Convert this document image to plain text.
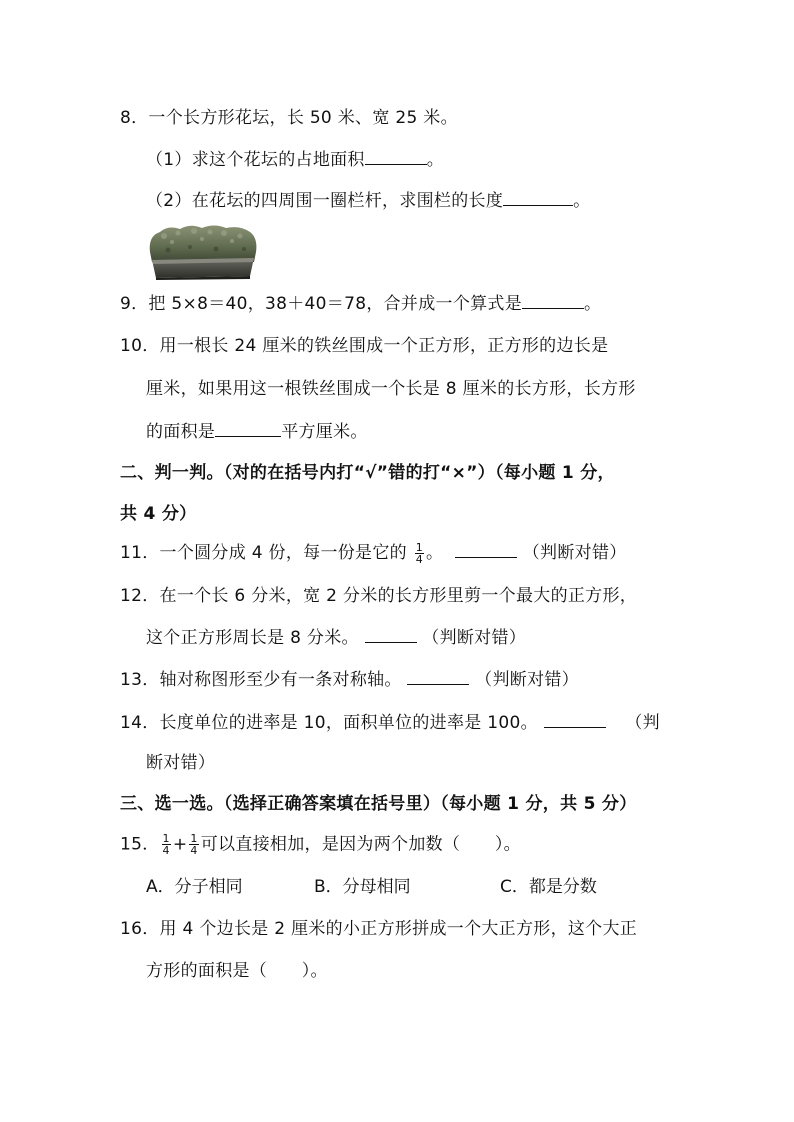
8．一个长方形花坛，长 50 米、宽 25 米。
（1）求这个花坛的占地面积	。
（2）在花坛的四周围一圈栏杆，求围栏的长度	。
9．把 5×8＝40，38＋40＝78，合并成一个算式是	。
10．用一根长 24 厘米的铁丝围成一个正方形，正方形的边长是
厘米，如果用这一根铁丝围成一个长是 8 厘米的长方形，长方形
的面积是	平方厘米。
二、判一判。（对的在括号内打“√”错的打“×”）（每小题 1 分，
共 4 分）
11．一个圆分成 4 份，每一份是它的 $\frac{1}{4}$ 。	（判断对错）
12．在一个长 6 分米，宽 2 分米的长方形里剪一个最大的正方形，
这个正方形周长是 8 分米。	（判断对错）
13．轴对称图形至少有一条对称轴。	（判断对错）
14．长度单位的进率是 10，面积单位的进率是 100。	（判
断对错）
三、选一选。（选择正确答案填在括号里）（每小题 1 分，共 5 分）
15． $\frac{1}{4} + \frac{1}{4}$ 可以直接相加，是因为两个加数（　　）。
A．分子相同	B．分母相同	C．都是分数
16．用 4 个边长是 2 厘米的小正方形拼成一个大正方形，这个大正
方形的面积是（　　）。
